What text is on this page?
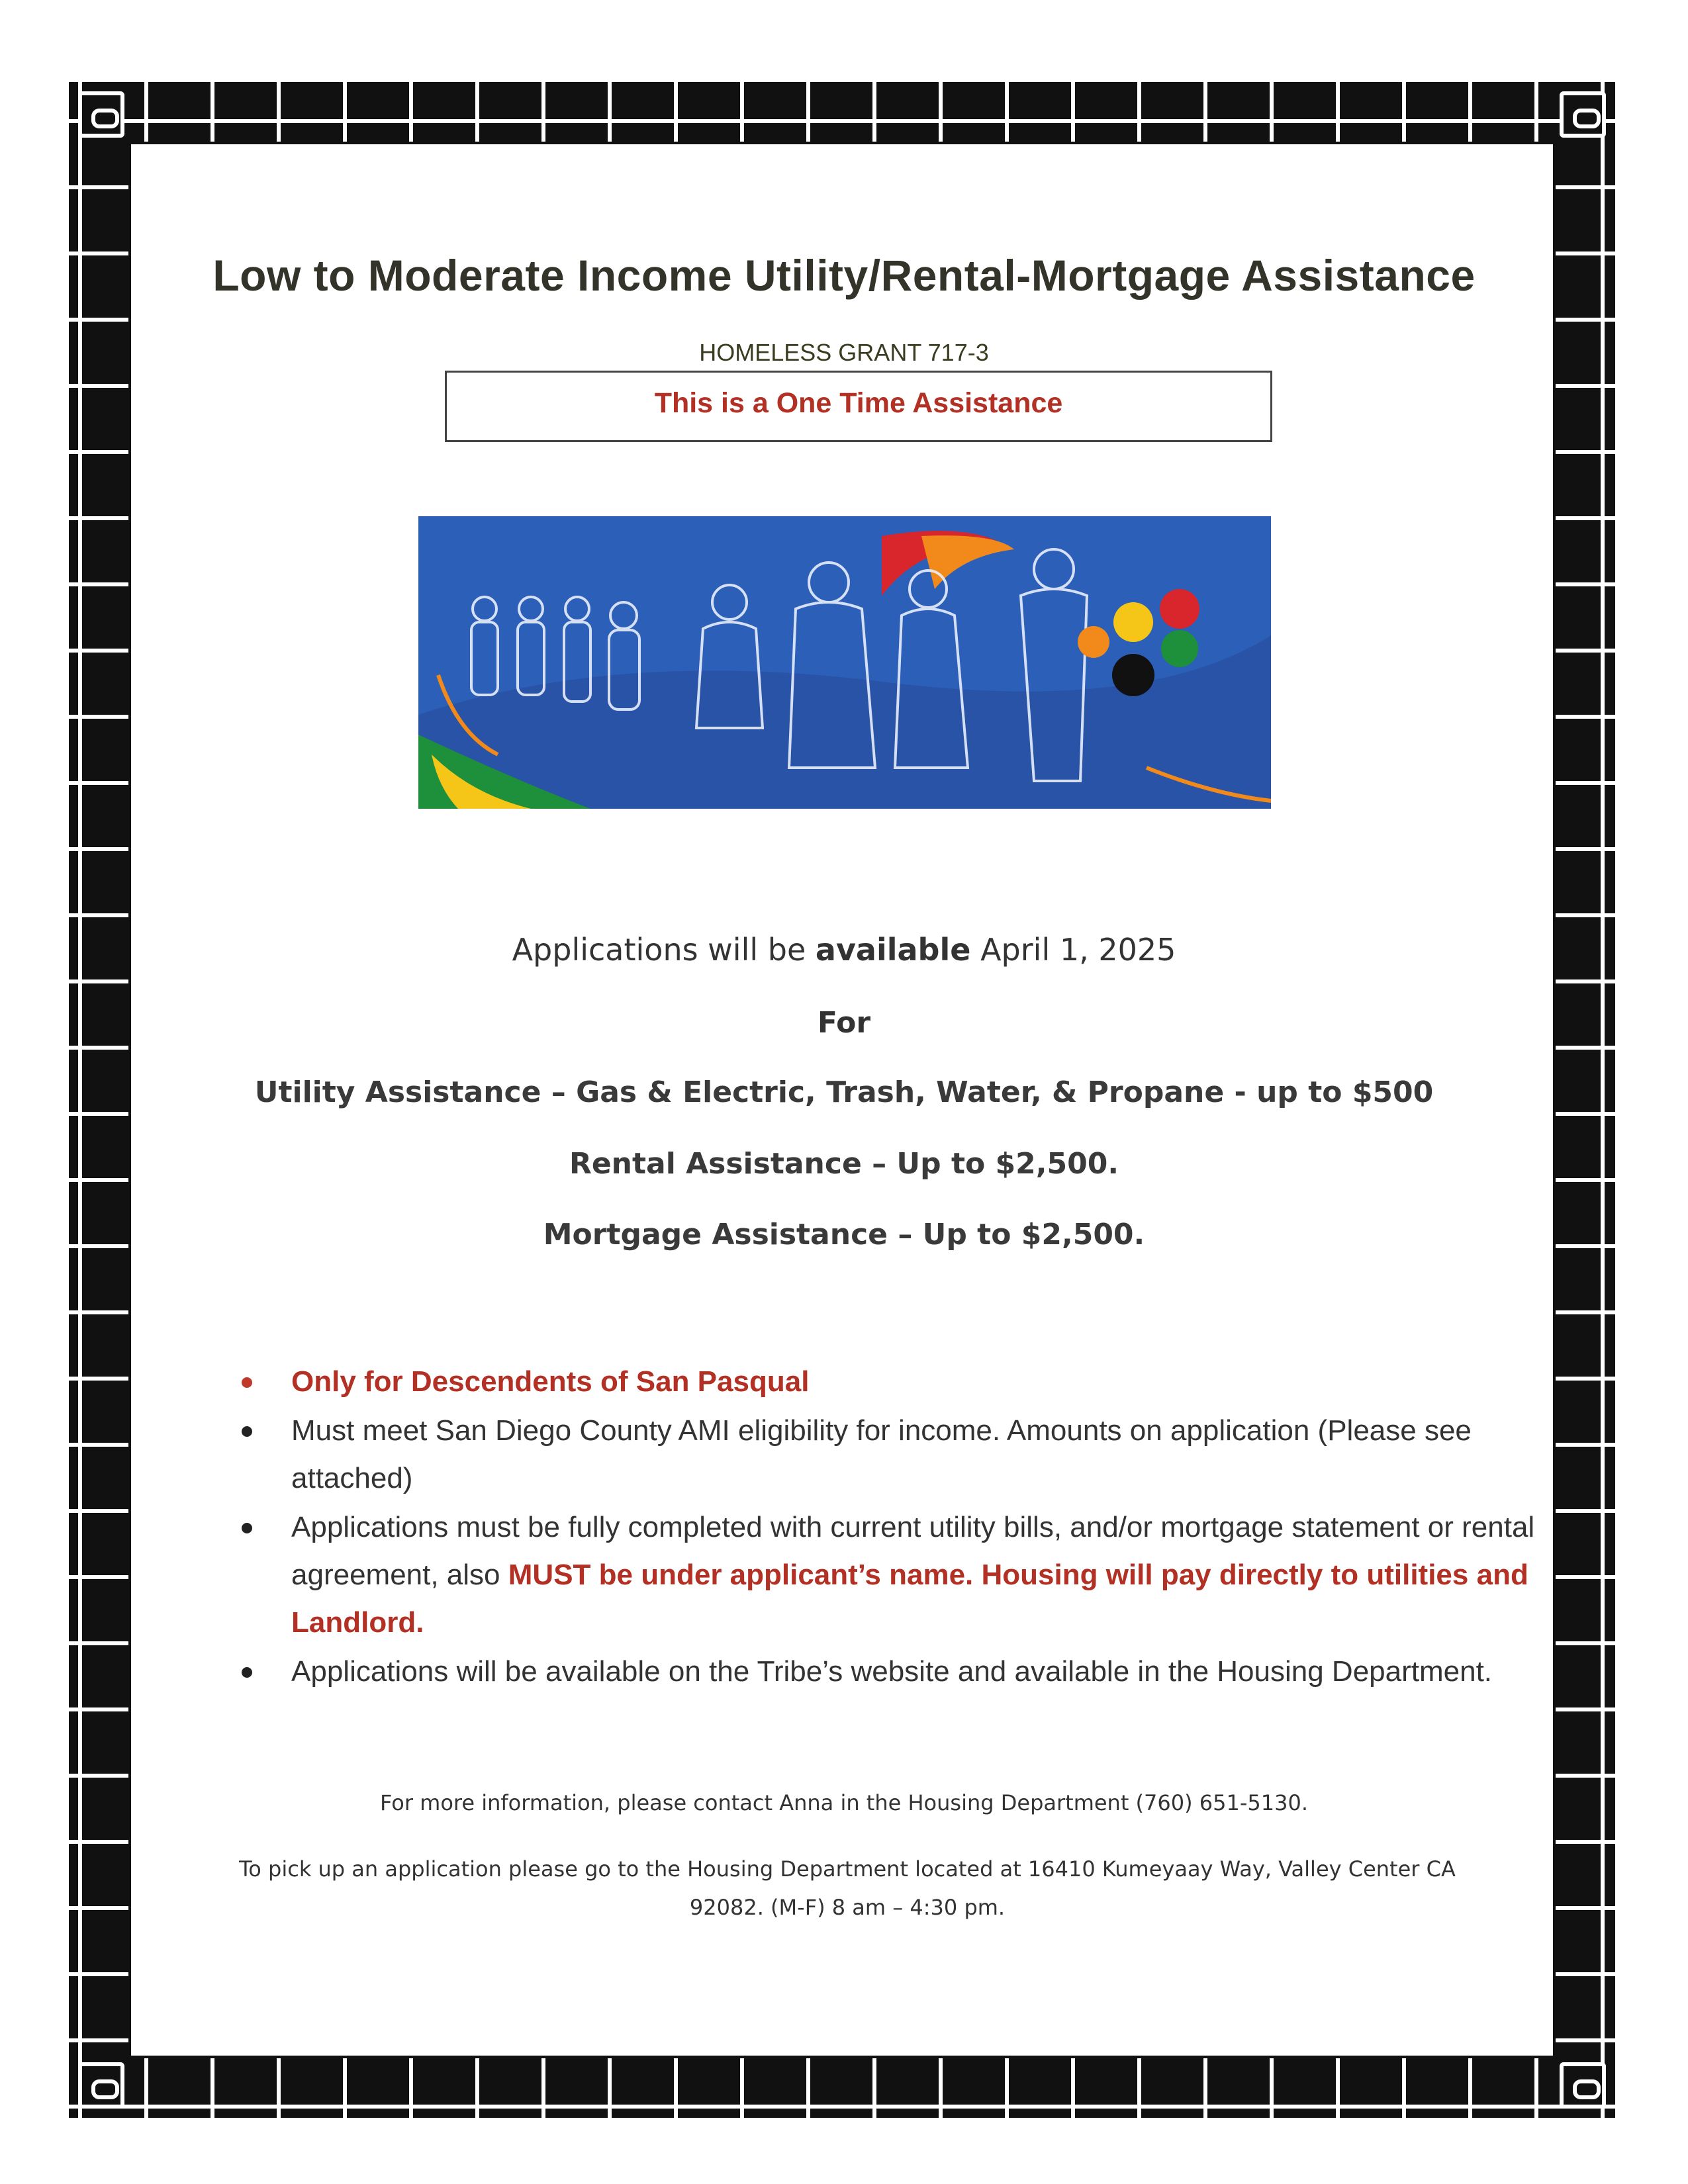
Low to Moderate Income Utility/Rental-Mortgage Assistance
HOMELESS GRANT 717-3
This is a One Time Assistance
Applications will be available April 1, 2025
For
Utility Assistance – Gas & Electric, Trash, Water, & Propane - up to $500
Rental Assistance – Up to $2,500.
Mortgage Assistance – Up to $2,500.
Only for Descendents of San Pasqual
Must meet San Diego County AMI eligibility for income. Amounts on application (Please see attached)
Applications must be fully completed with current utility bills, and/or mortgage statement or rental agreement, also MUST be under applicant’s name. Housing will pay directly to utilities and Landlord.
Applications will be available on the Tribe’s website and available in the Housing Department.
For more information, please contact Anna in the Housing Department (760) 651-5130.
To pick up an application please go to the Housing Department located at 16410 Kumeyaay Way, Valley Center CA 92082. (M-F) 8 am – 4:30 pm.
